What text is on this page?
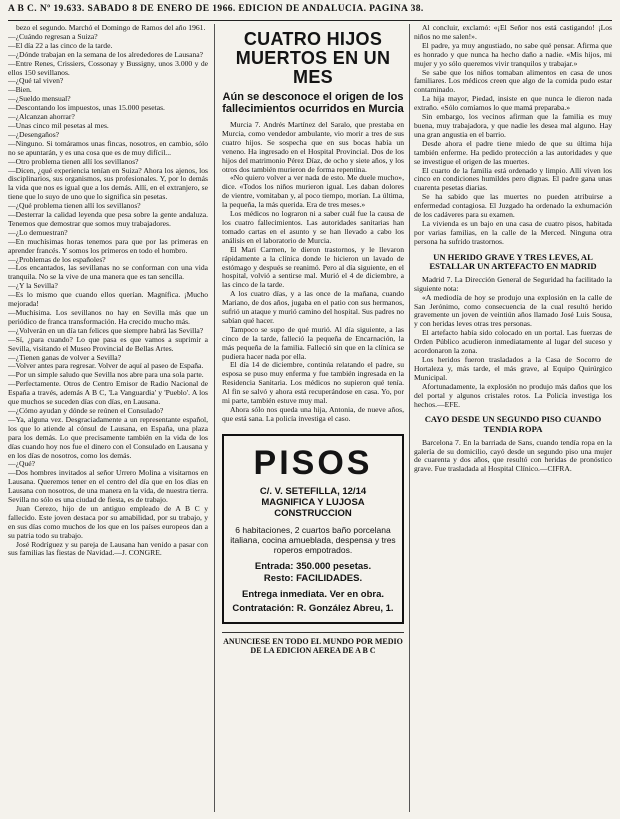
A B C. Nº 19.633. SABADO 8 DE ENERO DE 1966. EDICION DE ANDALUCIA. PAGINA 38.

bezo el segundo. Marchó el Domingo de Ramos del año 1961.

—¿Cuándo regresan a Suiza?

—El día 22 a las cinco de la tarde.

—¿Dónde trabajan en la semana de los alrededores de Lausana?

—Entre Renes, Crissiers, Cossonay y Bussigny, unos 3.000 y de ellos 150 sevillanos.

—¿Qué tal viven?

—Bien.

—¿Sueldo mensual?

—Descontando los impuestos, unas 15.000 pesetas.

—¿Alcanzan ahorrar?

—Unas cinco mil pesetas al mes.

—¿Desengaños?

—Ninguno. Si tomáramos unas fincas, nosotros, en cambio, sólo no se apuntarán, y es una cosa que es de muy difícil...

—Otro problema tienen allí los sevillanos?

—Dicen, ¿qué experiencia tenían en Suiza? Ahora los ajenos, los disciplinarios, sus organismos, sus profesionales. Y, por lo demás la vida que nos es igual que a los demás. Allí, en el extranjero, se tiene que lo suyo de uno que lo significa sin pesetas.

—¿Qué problema tienen allí los sevillanos?

—Desterrar la calidad leyenda que pesa sobre la gente andaluza. Tenemos que demostrar que somos muy trabajadores.

—¿Lo demuestran?

—En muchísimas horas tenemos para que por las primeras en aprender francés. Y somos los primeros en todo el hombro.

—¿Problemas de los españoles?

—Los encantados, las sevillanas no se conforman con una vida tranquila. No se la vive de una manera que es tan sencilla.

—¿Y la Sevilla?

—Es lo mismo que cuando ellos querían. Magnífica. ¡Mucho mejorada!

—Muchísima. Los sevillanos no hay en Sevilla más que un periódico de franca transformación. Ha crecido mucho más.

—¿Volverán en un día tan felices que siempre habrá las Sevilla?

—Sí, ¿para cuando? Lo que pasa es que vamos a suprimir a Sevilla, visitando el Museo Provincial de Bellas Artes.

—¿Tienen ganas de volver a Sevilla?

—Volver antes para regresar. Volver de aquí al paseo de España.

—Por un simple saludo que Sevilla nos abre para una sola parte.

—Perfectamente. Otros de Centro Emisor de Radio Nacional de España a través, además A B C, 'La Vanguardia' y 'Pueblo'. A los que muchos se suceden días con días, en Lausana.

—¿Cómo ayudan y dónde se reúnen el Consulado?

—Ya, alguna vez. Desgraciadamente a un representante español, los que lo atiende al cónsul de Lausana, en España, una plaza para los demás. Lo que precisamente también en la vida de los días cuando hoy nos fue el dinero con el Consulado en Lausana y en los días de nosotros, como los demás.

—¿Qué?

—Dos hombres invitados al señor Urrero Molina a visitarnos en Lausana. Queremos tener en el centro del día que en los días en Lausana con nosotros, de una manera en la vida, de nuestra tierra. Sevilla no sólo es una ciudad de fiesta, es de trabajo.

Juan Cerezo, hijo de un antiguo empleado de A B C y fallecido. Este joven destaca por su amabilidad, por su trabajo, y en sus días como muchos de los que en los países europeos dan a su patria todo su trabajo.

José Rodríguez y su pareja de Lausana han venido a pasar con sus familias las fiestas de Navidad.—J. CONGRE.

CUATRO HIJOS MUERTOS EN UN MES
Aún se desconoce el origen de los fallecimientos ocurridos en Murcia

Murcia 7. Andrés Martínez del Saralo, que prestaba en Murcia, como vendedor ambulante, vio morir a tres de sus cuatro hijos. Se sospecha que en sus bocas había un veneno. Ha ingresado en el Hospital Provincial. Dos de los hijos del matrimonio Pérez Díaz, de ocho y siete años, y los otros dos también murieron de forma repentina.

«No quiero volver a ver nada de esto. Me duele mucho», dice. «Todos los niños murieron igual. Les daban dolores de vientre, vomitaban y, al poco tiempo, morían. La última, la pequeña, la más querida. Era de tres meses.»

Los médicos no lograron ni a saber cuál fue la causa de los cuatro fallecimientos. Las autoridades sanitarias han tomado cartas en el asunto y se han llevado a cabo los análisis en el laboratorio de Murcia.

El Mari Carmen, le dieron trastornos, y le llevaron rápidamente a la clínica donde le hicieron un lavado de estómago y después se reanimó. Pero al día siguiente, en el hospital, volvió a sentirse mal. Murió el 4 de diciembre, a las cinco de la tarde.

A los cuatro días, y a las once de la mañana, cuando Mariano, de dos años, jugaba en el patio con sus hermanos, sufrió un ataque y murió camino del hospital. Sus padres no sabían qué hacer.

Tampoco se supo de qué murió. Al día siguiente, a las cinco de la tarde, falleció la pequeña de Encarnación, la más pequeña de la familia. Falleció sin que en la clínica se pudiera hacer nada por ella.

El día 14 de diciembre, continúa relatando el padre, su esposa se puso muy enferma y fue también ingresada en la Residencia Sanitaria. Los médicos no supieron qué tenía. Al fin se salvó y ahora está recuperándose en casa. Yo, por mi parte, también estuve muy mal.

Ahora sólo nos queda una hija, Antonia, de nueve años, que está sana. La policía investiga el caso.

PISOS
C/. V. SETEFILLA, 12/14
MAGNIFICA Y LUJOSA CONSTRUCCION
6 habitaciones, 2 cuartos baño porcelana italiana, cocina amueblada, despensa y tres roperos empotrados.
Entrada: 350.000 pesetas.
Resto: FACILIDADES.
Entrega inmediata. Ver en obra.
Contratación: R. González Abreu, 1.
ANUNCIESE EN TODO EL MUNDO POR MEDIO DE LA EDICION AEREA DE A B C

Al concluir, exclamó: «¡El Señor nos está castigando! ¡Los niños no me salen!».

El padre, ya muy angustiado, no sabe qué pensar. Afirma que es honrado y que nunca ha hecho daño a nadie. «Mis hijos, mi mujer y yo sólo queremos vivir tranquilos y trabajar.»

Se sabe que los niños tomaban alimentos en casa de unos familiares. Los médicos creen que algo de la comida pudo estar contaminado.

La hija mayor, Piedad, insiste en que nunca le dieron nada extraño. «Sólo comíamos lo que mamá preparaba.»

Sin embargo, los vecinos afirman que la familia es muy buena, muy trabajadora, y que nadie les desea mal alguno. Hay una gran angustia en el barrio.

Desde ahora el padre tiene miedo de que su última hija también enferme. Ha pedido protección a las autoridades y que se investigue el origen de las muertes.

El cuarto de la familia está ordenado y limpio. Allí viven los cinco en condiciones humildes pero dignas. El padre gana unas cuarenta pesetas diarias.

Se ha sabido que las muertes no pueden atribuirse a enfermedad contagiosa. El Juzgado ha ordenado la exhumación de los cadáveres para su examen.

La vivienda es un bajo en una casa de cuatro pisos, habitada por varias familias, en la calle de la Merced. Ninguna otra persona ha sufrido trastornos.

UN HERIDO GRAVE Y TRES LEVES, AL ESTALLAR UN ARTEFACTO EN MADRID

Madrid 7. La Dirección General de Seguridad ha facilitado la siguiente nota:

«A mediodía de hoy se produjo una explosión en la calle de San Jerónimo, como consecuencia de la cual resultó herido gravemente un joven de veintiún años llamado José Luis Sousa, y con heridas leves otras tres personas.

El artefacto había sido colocado en un portal. Las fuerzas de Orden Público acudieron inmediatamente al lugar del suceso y acordonaron la zona.

Los heridos fueron trasladados a la Casa de Socorro de Hortaleza y, más tarde, el más grave, al Equipo Quirúrgico Municipal.

Afortunadamente, la explosión no produjo más daños que los del portal y algunos cristales rotos. La Policía investiga los hechos.—EFE.

CAYO DESDE UN SEGUNDO PISO CUANDO TENDIA ROPA

Barcelona 7. En la barriada de Sans, cuando tendía ropa en la galería de su domicilio, cayó desde un segundo piso una mujer de cuarenta y dos años, que resultó con heridas de pronóstico grave. Fue trasladada al Hospital Clínico.—CIFRA.
